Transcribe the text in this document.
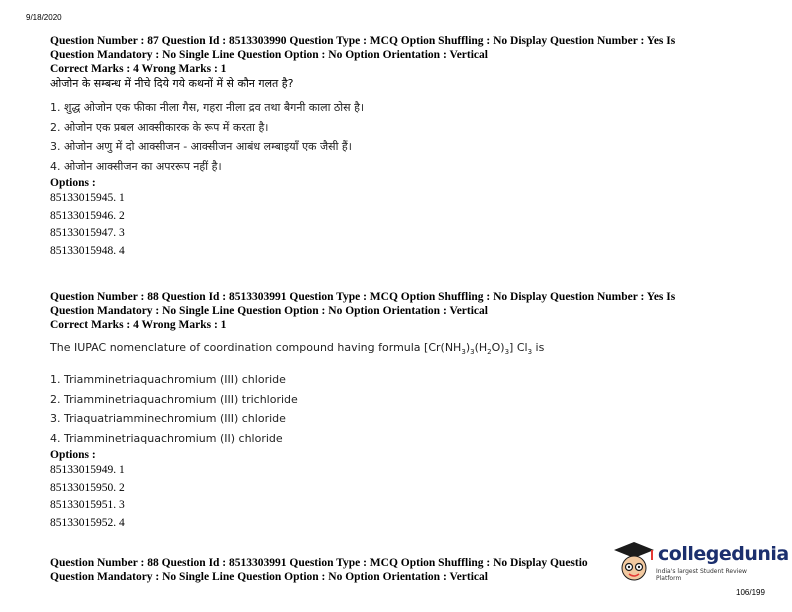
9/18/2020

Question Number : 87 Question Id : 8513303990 Question Type : MCQ Option Shuffling : No Display Question Number : Yes Is

Question Mandatory : No Single Line Question Option : No Option Orientation : Vertical

Correct Marks : 4 Wrong Marks : 1

ओजोन के सम्बन्ध में नीचे दिये गये कथनों में से कौन गलत है?

1. शुद्ध ओजोन एक फीका नीला गैस, गहरा नीला द्रव तथा बैगनी काला ठोस है।
2. ओजोन एक प्रबल आक्सीकारक के रूप में करता है।
3. ओजोन अणु में दो आक्सीजन - आक्सीजन आबंध लम्बाइयाँ एक जैसी हैं।
4. ओजोन आक्सीजन का अपररूप नहीं है।

Options :

85133015945. 1
85133015946. 2
85133015947. 3
85133015948. 4

Question Number : 88 Question Id : 8513303991 Question Type : MCQ Option Shuffling : No Display Question Number : Yes Is

Question Mandatory : No Single Line Question Option : No Option Orientation : Vertical

Correct Marks : 4 Wrong Marks : 1

The IUPAC nomenclature of coordination compound having formula $[Cr(NH_3)_3(H_2O)_3]$ $Cl_3$ is

1. Triamminetriaquachromium (III) chloride
2. Triamminetriaquachromium (III) trichloride
3. Triaquatriamminechromium (III) chloride
4. Triamminetriaquachromium (II) chloride

Options :

85133015949. 1
85133015950. 2
85133015951. 3
85133015952. 4

Question Number : 88 Question Id : 8513303991 Question Type : MCQ Option Shuffling : No Display Questio

Question Mandatory : No Single Line Question Option : No Option Orientation : Vertical

collegedunia
India's largest Student Review Platform
106/199
